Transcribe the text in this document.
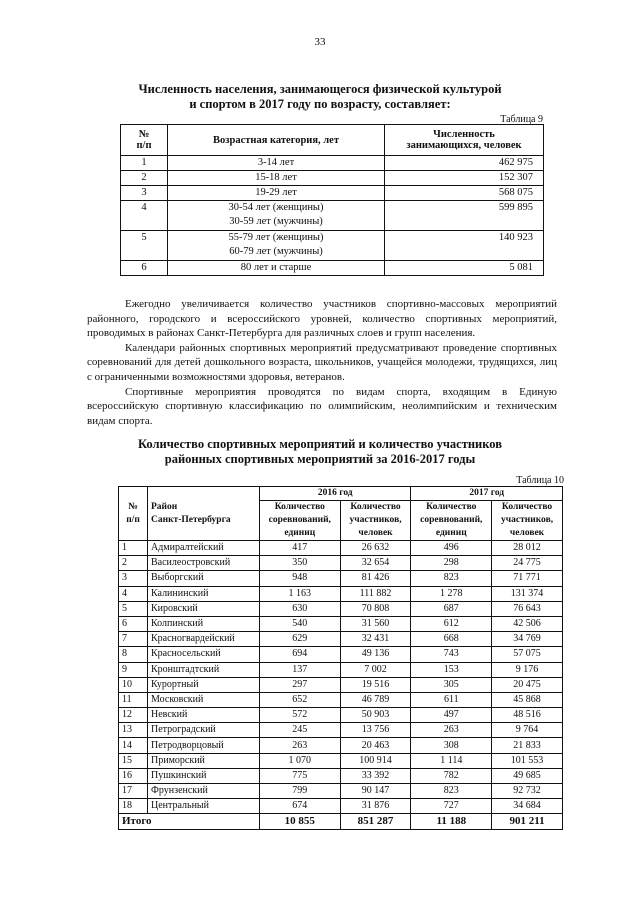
33
Численность населения, занимающегося физической культурой
и спортом в 2017 году по возрасту, составляет:
Таблица 9
№
п/п	Возрастная категория, лет	Численность
занимающихся, человек
1	3-14 лет	462 975
2	15-18 лет	152 307
3	19-29 лет	568 075
4	30-54 лет (женщины)
30-59 лет (мужчины)	599 895
5	55-79 лет (женщины)
60-79 лет (мужчины)	140 923
6	80 лет и старше	5 081

Ежегодно увеличивается количество участников спортивно-массовых мероприятий районного, городского и всероссийского уровней, количество спортивных мероприятий, проводимых в районах Санкт-Петербурга для различных слоев и групп населения.

Календари районных спортивных мероприятий предусматривают проведение спортивных соревнований для детей дошкольного возраста, школьников, учащейся молодежи, трудящихся, лиц с ограниченными возможностями здоровья, ветеранов.

Спортивные мероприятия проводятся по видам спорта, входящим в Единую всероссийскую спортивную классификацию по олимпийским, неолимпийским и техническим видам спорта.

Количество спортивных мероприятий и количество участников
районных спортивных мероприятий за 2016-2017 годы
Таблица 10
№
п/п	Район
Санкт-Петербурга	2016 год		2017 год	
		Количество соревнований, единиц	Количество участников, человек	Количество соревнований, единиц	Количество участников, человек
1	Адмиралтейский	417	26 632	496	28 012
2	Василеостровский	350	32 654	298	24 775
3	Выборгский	948	81 426	823	71 771
4	Калининский	1 163	111 882	1 278	131 374
5	Кировский	630	70 808	687	76 643
6	Колпинский	540	31 560	612	42 506
7	Красногвардейский	629	32 431	668	34 769
8	Красносельский	694	49 136	743	57 075
9	Кронштадтский	137	7 002	153	9 176
10	Курортный	297	19 516	305	20 475
11	Московский	652	46 789	611	45 868
12	Невский	572	50 903	497	48 516
13	Петроградский	245	13 756	263	9 764
14	Петродворцовый	263	20 463	308	21 833
15	Приморский	1 070	100 914	1 114	101 553
16	Пушкинский	775	33 392	782	49 685
17	Фрунзенский	799	90 147	823	92 732
18	Центральный	674	31 876	727	34 684
Итого		10 855	851 287	11 188	901 211
